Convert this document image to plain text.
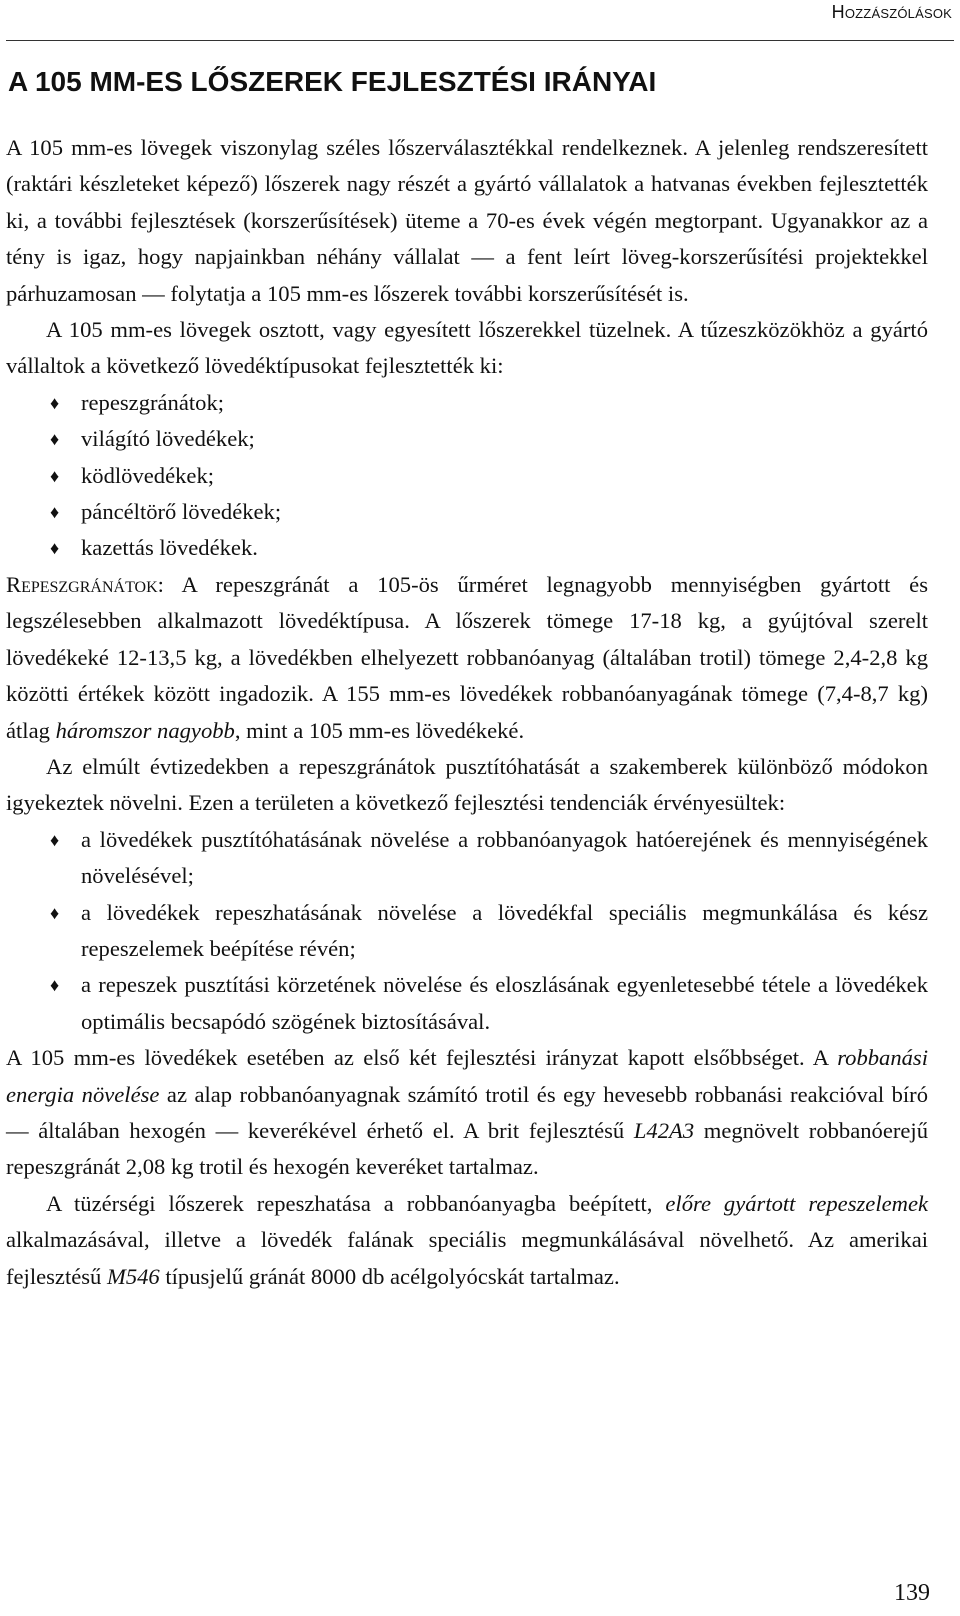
Hozzászólások
A 105 MM-ES LŐSZEREK FEJLESZTÉSI IRÁNYAI

A 105 mm-es lövegek viszonylag széles lőszerválasztékkal rendelkeznek. A jelenleg rendszeresített (raktári készleteket képező) lőszerek nagy részét a gyártó vállalatok a hatvanas években fejlesztették ki, a további fejlesztések (korszerűsítések) üteme a 70-es évek végén megtorpant. Ugyanakkor az a tény is igaz, hogy napjainkban néhány vállalat — a fent leírt löveg-korszerűsítési projektekkel párhuzamosan — folytatja a 105 mm-es lőszerek további korszerűsítését is.

A 105 mm-es lövegek osztott, vagy egyesített lőszerekkel tüzelnek. A tűzeszközökhöz a gyártó vállaltok a következő lövedéktípusokat fejlesztették ki:

♦ repeszgránátok;
♦ világító lövedékek;
♦ ködlövedékek;
♦ páncéltörő lövedékek;
♦ kazettás lövedékek.

Repeszgránátok: A repeszgránát a 105-ös űrméret legnagyobb mennyiségben gyártott és legszélesebben alkalmazott lövedéktípusa. A lőszerek tömege 17-18 kg, a gyújtóval szerelt lövedékeké 12-13,5 kg, a lövedékben elhelyezett robbanóanyag (általában trotil) tömege 2,4-2,8 kg közötti értékek között ingadozik. A 155 mm-es lövedékek robbanóanyagának tömege (7,4-8,7 kg) átlag háromszor nagyobb, mint a 105 mm-es lövedékeké.

Az elmúlt évtizedekben a repeszgránátok pusztítóhatását a szakemberek különböző módokon igyekeztek növelni. Ezen a területen a következő fejlesztési tendenciák érvényesültek:

♦ a lövedékek pusztítóhatásának növelése a robbanóanyagok hatóerejének és mennyiségének növelésével;
♦ a lövedékek repeszhatásának növelése a lövedékfal speciális megmunkálása és kész repeszelemek beépítése révén;
♦ a repeszek pusztítási körzetének növelése és eloszlásának egyenletesebbé tétele a lövedékek optimális becsapódó szögének biztosításával.

A 105 mm-es lövedékek esetében az első két fejlesztési irányzat kapott elsőbbséget. A robbanási energia növelése az alap robbanóanyagnak számító trotil és egy hevesebb robbanási reakcióval bíró — általában hexogén — keverékével érhető el. A brit fejlesztésű L42A3 megnövelt robbanóerejű repeszgránát 2,08 kg trotil és hexogén keveréket tartalmaz.

A tüzérségi lőszerek repeszhatása a robbanóanyagba beépített, előre gyártott repeszelemek alkalmazásával, illetve a lövedék falának speciális megmunkálásával növelhető. Az amerikai fejlesztésű M546 típusjelű gránát 8000 db acélgolyócskát tartalmaz.

139
